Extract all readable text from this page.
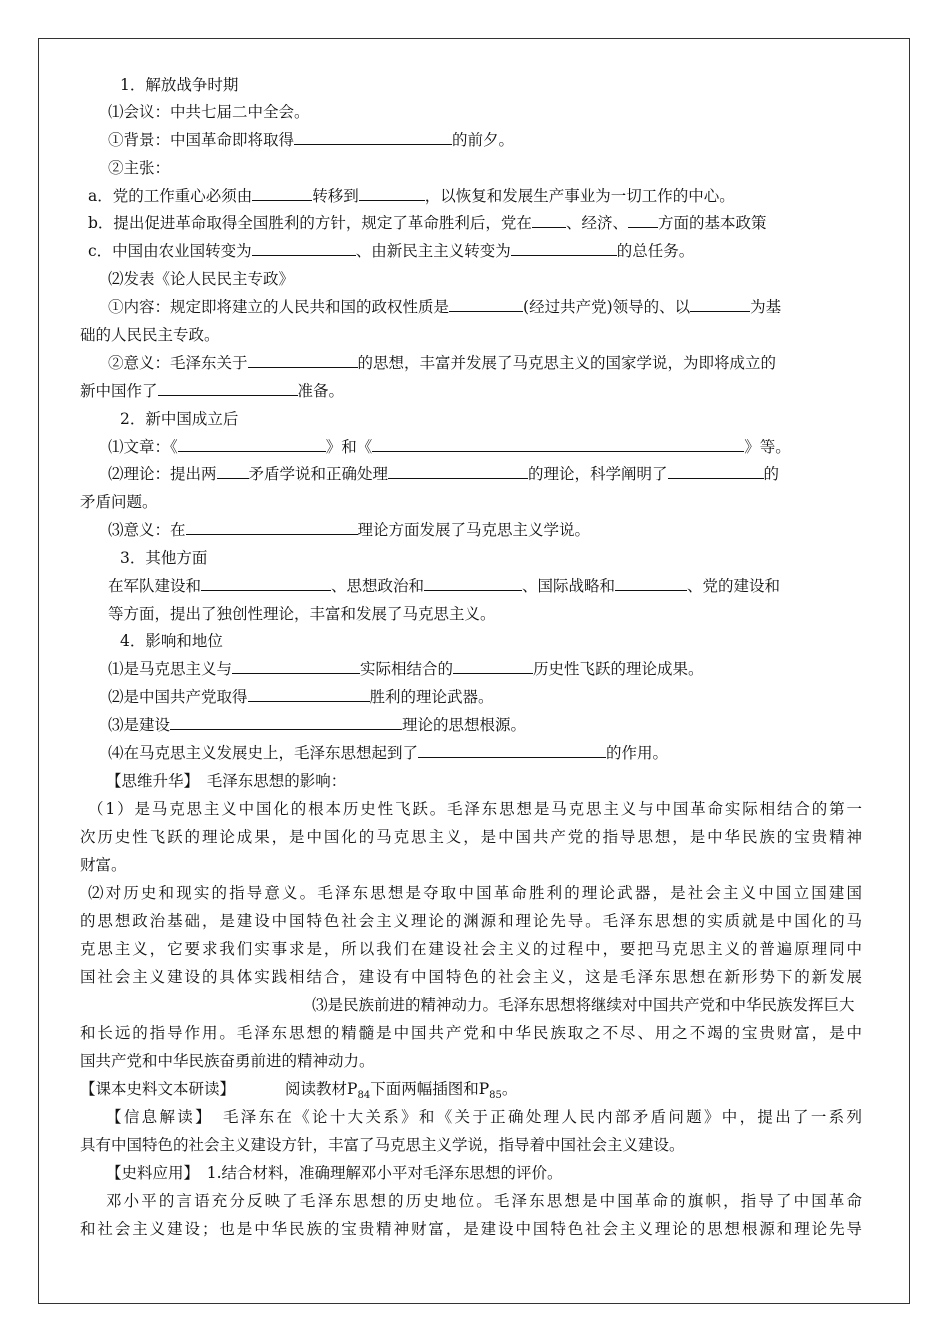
1．解放战争时期
⑴会议：中共七届二中全会。
①背景：中国革命即将取得	的前夕。
②主张：
a．党的工作重心必须由	转移到	，以恢复和发展生产事业为一切工作的中心。
b．提出促进革命取得全国胜利的方针，规定了革命胜利后，党在 、经济、 方面的基本政策
c．中国由农业国转变为	、由新民主主义转变为	的总任务。
⑵发表《论人民民主专政》
①内容：规定即将建立的人民共和国的政权性质是	(经过共产党)领导的、以	为基
础的人民民主专政。
②意义：毛泽东关于	的思想，丰富并发展了马克思主义的国家学说，为即将成立的
新中国作了	准备。
2．新中国成立后
⑴文章：《	》和《	》等。
⑵理论：提出两 矛盾学说和正确处理	的理论，科学阐明了	的
矛盾问题。
⑶意义：在	理论方面发展了马克思主义学说。
3．其他方面
在军队建设和	、思想政治和	、国际战略和	、党的建设和
等方面，提出了独创性理论，丰富和发展了马克思主义。
4．影响和地位
⑴是马克思主义与	实际相结合的	历史性飞跃的理论成果。
⑵是中国共产党取得	胜利的理论武器。
⑶是建设	理论的思想根源。
⑷在马克思主义发展史上，毛泽东思想起到了	的作用。
【思维升华】　毛泽东思想的影响：
（1）是马克思主义中国化的根本历史性飞跃。毛泽东思想是马克思主义与中国革命实际相结合的第一
次历史性飞跃的理论成果，是中国化的马克思主义，是中国共产党的指导思想，是中华民族的宝贵精神
财富。
⑵对历史和现实的指导意义。毛泽东思想是夺取中国革命胜利的理论武器，是社会主义中国立国建国
的思想政治基础，是建设中国特色社会主义理论的渊源和理论先导。毛泽东思想的实质就是中国化的马
克思主义，它要求我们实事求是，所以我们在建设社会主义的过程中，要把马克思主义的普遍原理同中
国社会主义建设的具体实践相结合，建设有中国特色的社会主义，这是毛泽东思想在新形势下的新发展
⑶是民族前进的精神动力。毛泽东思想将继续对中国共产党和中华民族发挥巨大
和长远的指导作用。毛泽东思想的精髓是中国共产党和中华民族取之不尽、用之不竭的宝贵财富，是中
国共产党和中华民族奋勇前进的精神动力。
【课本史料文本研读】	阅读教材$P_{84}$下面两幅插图和$P_{85}$。
【信息解读】　毛泽东在《论十大关系》和《关于正确处理人民内部矛盾问题》中，提出了一系列
具有中国特色的社会主义建设方针，丰富了马克思主义学说，指导着中国社会主义建设。
【史料应用】　1.结合材料，准确理解邓小平对毛泽东思想的评价。
邓小平的言语充分反映了毛泽东思想的历史地位。毛泽东思想是中国革命的旗帜，指导了中国革命
和社会主义建设；也是中华民族的宝贵精神财富，是建设中国特色社会主义理论的思想根源和理论先导
